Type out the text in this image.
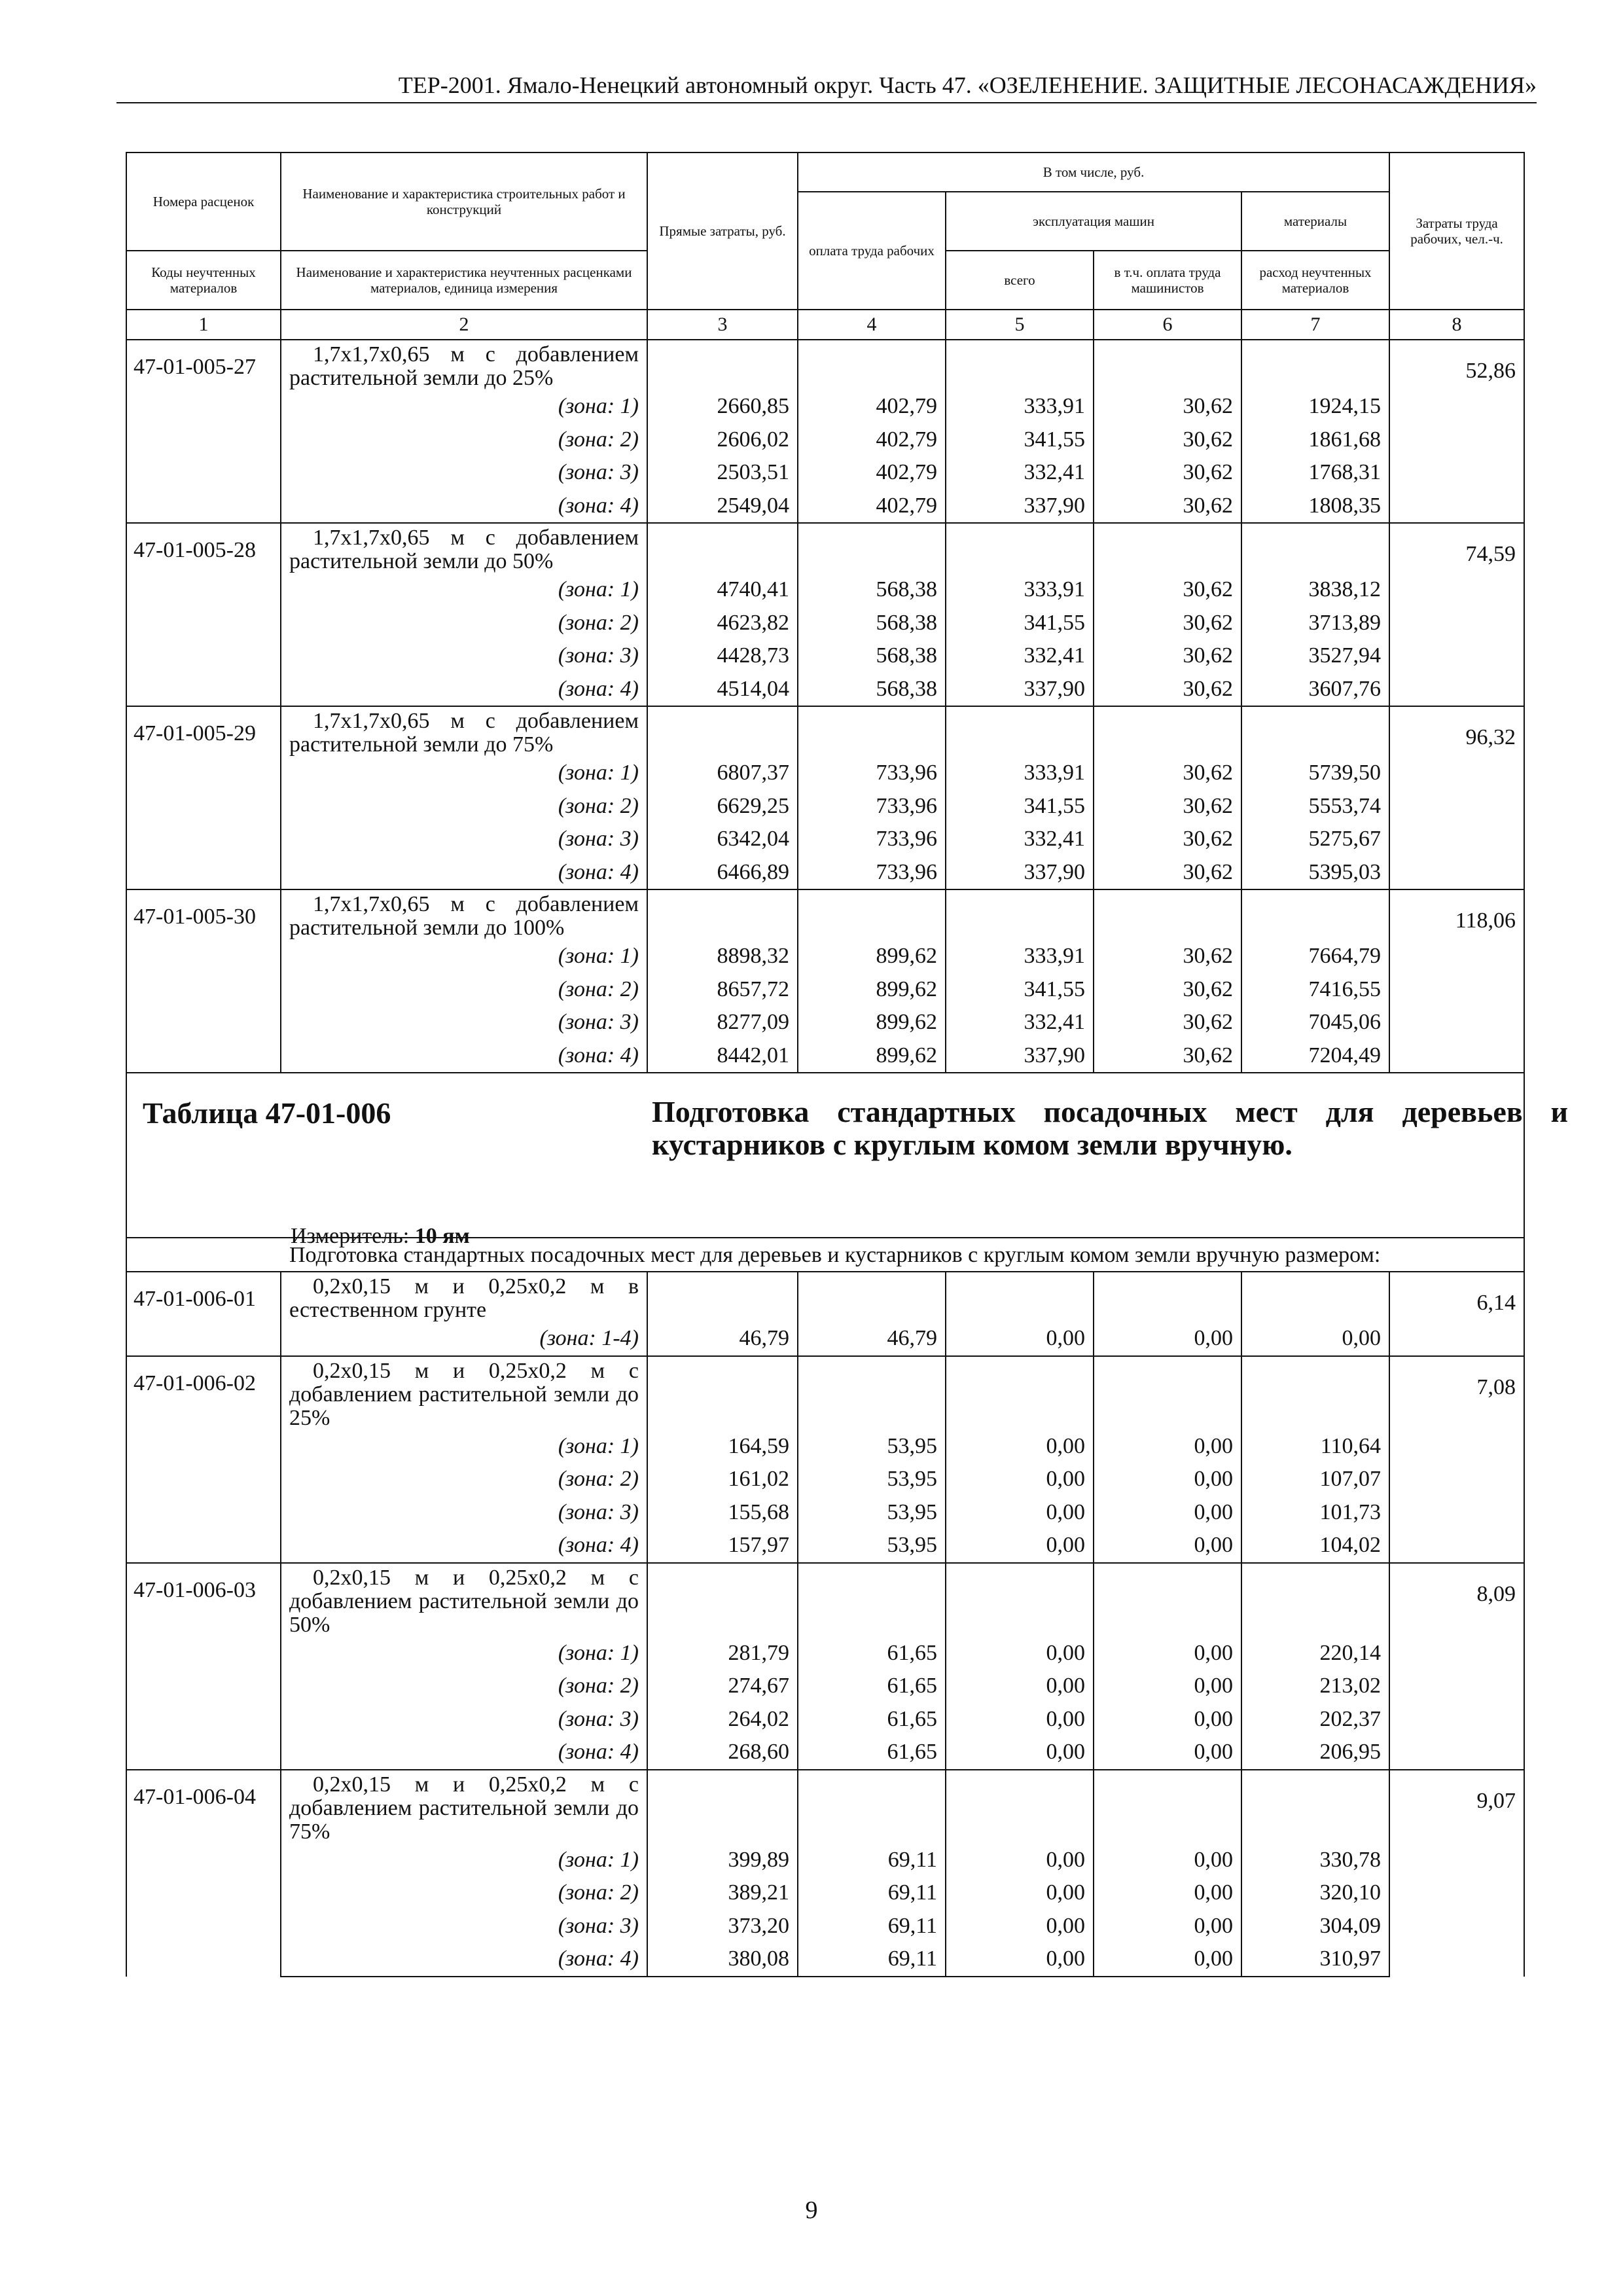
ТЕР-2001. Ямало-Ненецкий автономный округ. Часть 47. «ОЗЕЛЕНЕНИЕ. ЗАЩИТНЫЕ ЛЕСОНАСАЖДЕНИЯ»
Номера расценок	Наименование и характеристика строительных работ и конструкций	Прямые затраты, руб.	В том числе, руб.				Затраты труда рабочих, чел.-ч.
			оплата труда рабочих	эксплуатация машин		материалы	
Коды неучтенных материалов	Наименование и характеристика неучтенных расценками материалов, единица измерения			всего	в т.ч. оплата труда машинистов	расход неучтенных материалов	
1	2	3	4	5	6	7	8
47-01-005-27	1,7х1,7х0,65 м с добавлением растительной земли до 25%						52,86
	(зона: 1)	2660,85	402,79	333,91	30,62	1924,15	
	(зона: 2)	2606,02	402,79	341,55	30,62	1861,68	
	(зона: 3)	2503,51	402,79	332,41	30,62	1768,31	
	(зона: 4)	2549,04	402,79	337,90	30,62	1808,35	
47-01-005-28	1,7х1,7х0,65 м с добавлением растительной земли до 50%						74,59
	(зона: 1)	4740,41	568,38	333,91	30,62	3838,12	
	(зона: 2)	4623,82	568,38	341,55	30,62	3713,89	
	(зона: 3)	4428,73	568,38	332,41	30,62	3527,94	
	(зона: 4)	4514,04	568,38	337,90	30,62	3607,76	
47-01-005-29	1,7х1,7х0,65 м с добавлением растительной земли до 75%						96,32
	(зона: 1)	6807,37	733,96	333,91	30,62	5739,50	
	(зона: 2)	6629,25	733,96	341,55	30,62	5553,74	
	(зона: 3)	6342,04	733,96	332,41	30,62	5275,67	
	(зона: 4)	6466,89	733,96	337,90	30,62	5395,03	
47-01-005-30	1,7х1,7х0,65 м с добавлением растительной земли до 100%						118,06
	(зона: 1)	8898,32	899,62	333,91	30,62	7664,79	
	(зона: 2)	8657,72	899,62	341,55	30,62	7416,55	
	(зона: 3)	8277,09	899,62	332,41	30,62	7045,06	
	(зона: 4)	8442,01	899,62	337,90	30,62	7204,49	

Таблица 47-01-006 Подготовка стандартных посадочных мест для деревьев и кустарников с круглым комом земли вручную.
Измеритель: 10 ям							

Подготовка стандартных посадочных мест для деревьев и кустарников с круглым комом земли вручную размером:							
47-01-006-01	0,2х0,15 м и 0,25х0,2 м в естественном грунте						6,14
	(зона: 1-4)	46,79	46,79	0,00	0,00	0,00	
47-01-006-02	0,2х0,15 м и 0,25х0,2 м с добавлением растительной земли до 25%						7,08
	(зона: 1)	164,59	53,95	0,00	0,00	110,64	
	(зона: 2)	161,02	53,95	0,00	0,00	107,07	
	(зона: 3)	155,68	53,95	0,00	0,00	101,73	
	(зона: 4)	157,97	53,95	0,00	0,00	104,02	
47-01-006-03	0,2х0,15 м и 0,25х0,2 м с добавлением растительной земли до 50%						8,09
	(зона: 1)	281,79	61,65	0,00	0,00	220,14	
	(зона: 2)	274,67	61,65	0,00	0,00	213,02	
	(зона: 3)	264,02	61,65	0,00	0,00	202,37	
	(зона: 4)	268,60	61,65	0,00	0,00	206,95	
47-01-006-04	0,2х0,15 м и 0,25х0,2 м с добавлением растительной земли до 75%						9,07
	(зона: 1)	399,89	69,11	0,00	0,00	330,78	
	(зона: 2)	389,21	69,11	0,00	0,00	320,10	
	(зона: 3)	373,20	69,11	0,00	0,00	304,09	
	(зона: 4)	380,08	69,11	0,00	0,00	310,97	
9
